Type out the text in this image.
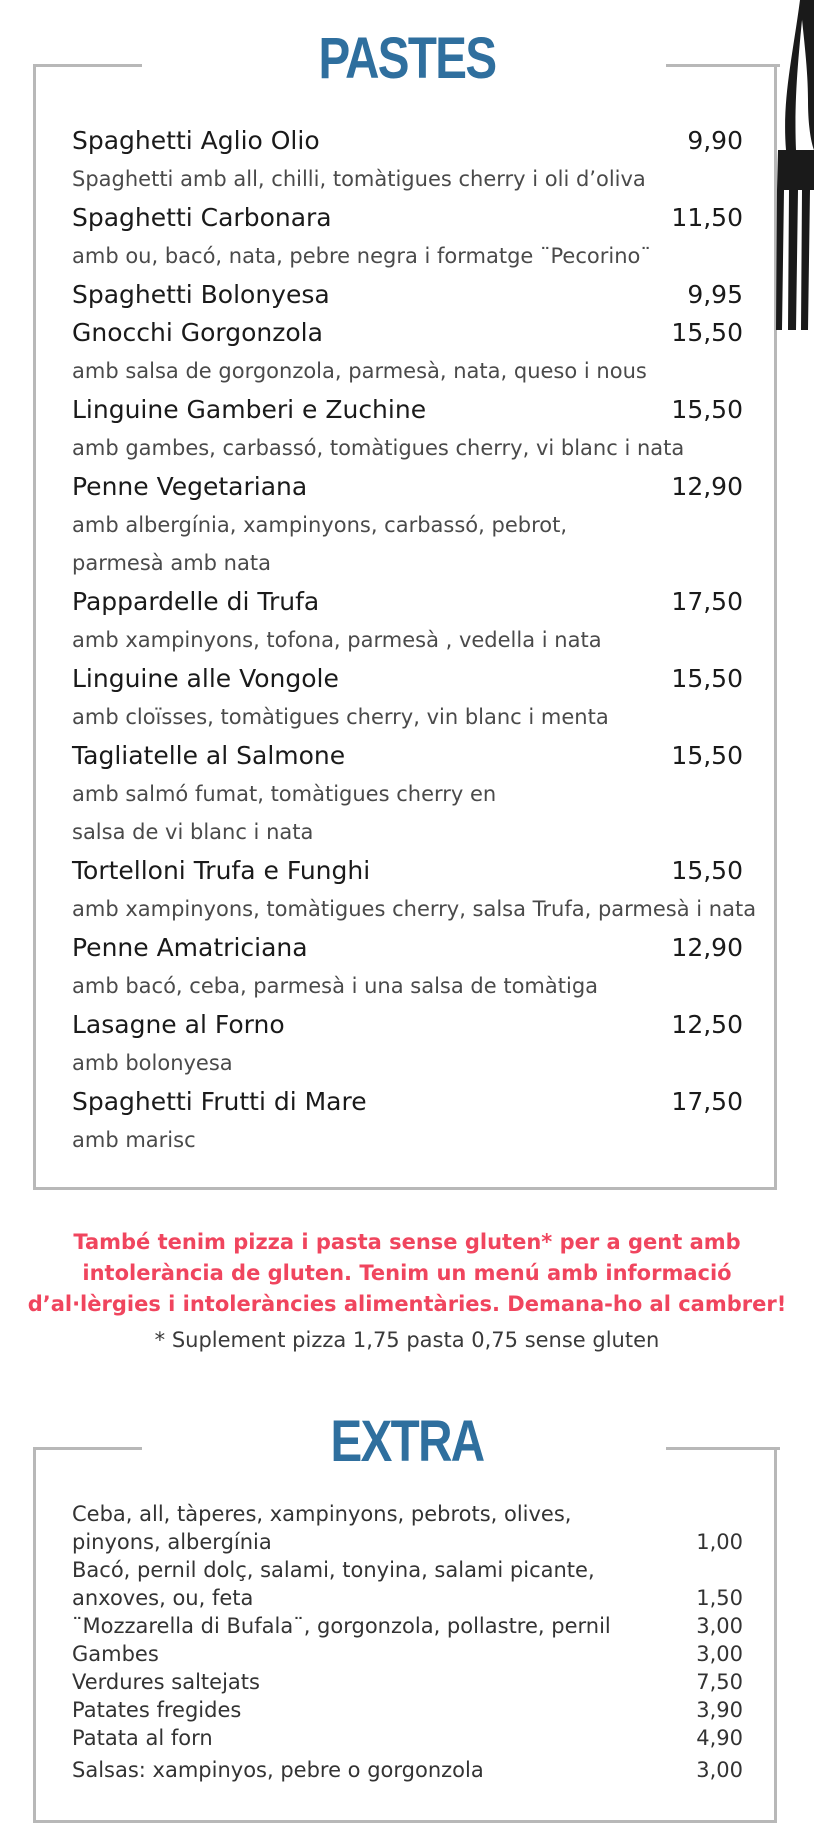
PASTES
Spaghetti Aglio Olio	9,90
Spaghetti amb all, chilli, tomàtigues cherry i oli d’oliva
Spaghetti Carbonara	11,50
amb ou, bacó, nata, pebre negra i formatge ¨Pecorino¨
Spaghetti Bolonyesa	9,95
Gnocchi Gorgonzola	15,50
amb salsa de gorgonzola, parmesà, nata, queso i nous
Linguine Gamberi e Zuchine	15,50
amb gambes, carbassó, tomàtigues cherry, vi blanc i nata
Penne Vegetariana	12,90
amb albergínia, xampinyons, carbassó, pebrot,
parmesà amb nata
Pappardelle di Trufa	17,50
amb xampinyons, tofona, parmesà , vedella i nata
Linguine alle Vongole	15,50
amb cloïsses, tomàtigues cherry, vin blanc i menta
Tagliatelle al Salmone	15,50
amb salmó fumat, tomàtigues cherry en
salsa de vi blanc i nata
Tortelloni Trufa e Funghi	15,50
amb xampinyons, tomàtigues cherry, salsa Trufa, parmesà i nata
Penne Amatriciana	12,90
amb bacó, ceba, parmesà i una salsa de tomàtiga
Lasagne al Forno	12,50
amb bolonyesa
Spaghetti Frutti di Mare	17,50
amb marisc
També tenim pizza i pasta sense gluten* per a gent amb
intolerància de gluten. Tenim un menú amb informació
d’al·lèrgies i intoleràncies alimentàries. Demana-ho al cambrer!
* Suplement pizza 1,75 pasta 0,75 sense gluten
EXTRA
Ceba, all, tàperes, xampinyons, pebrots, olives,
pinyons, albergínia	1,00
Bacó, pernil dolç, salami, tonyina, salami picante,
anxoves, ou, feta	1,50
¨Mozzarella di Bufala¨, gorgonzola, pollastre, pernil	3,00
Gambes	3,00
Verdures saltejats	7,50
Patates fregides	3,90
Patata al forn	4,90
Salsas: xampinyos, pebre o gorgonzola	3,00
